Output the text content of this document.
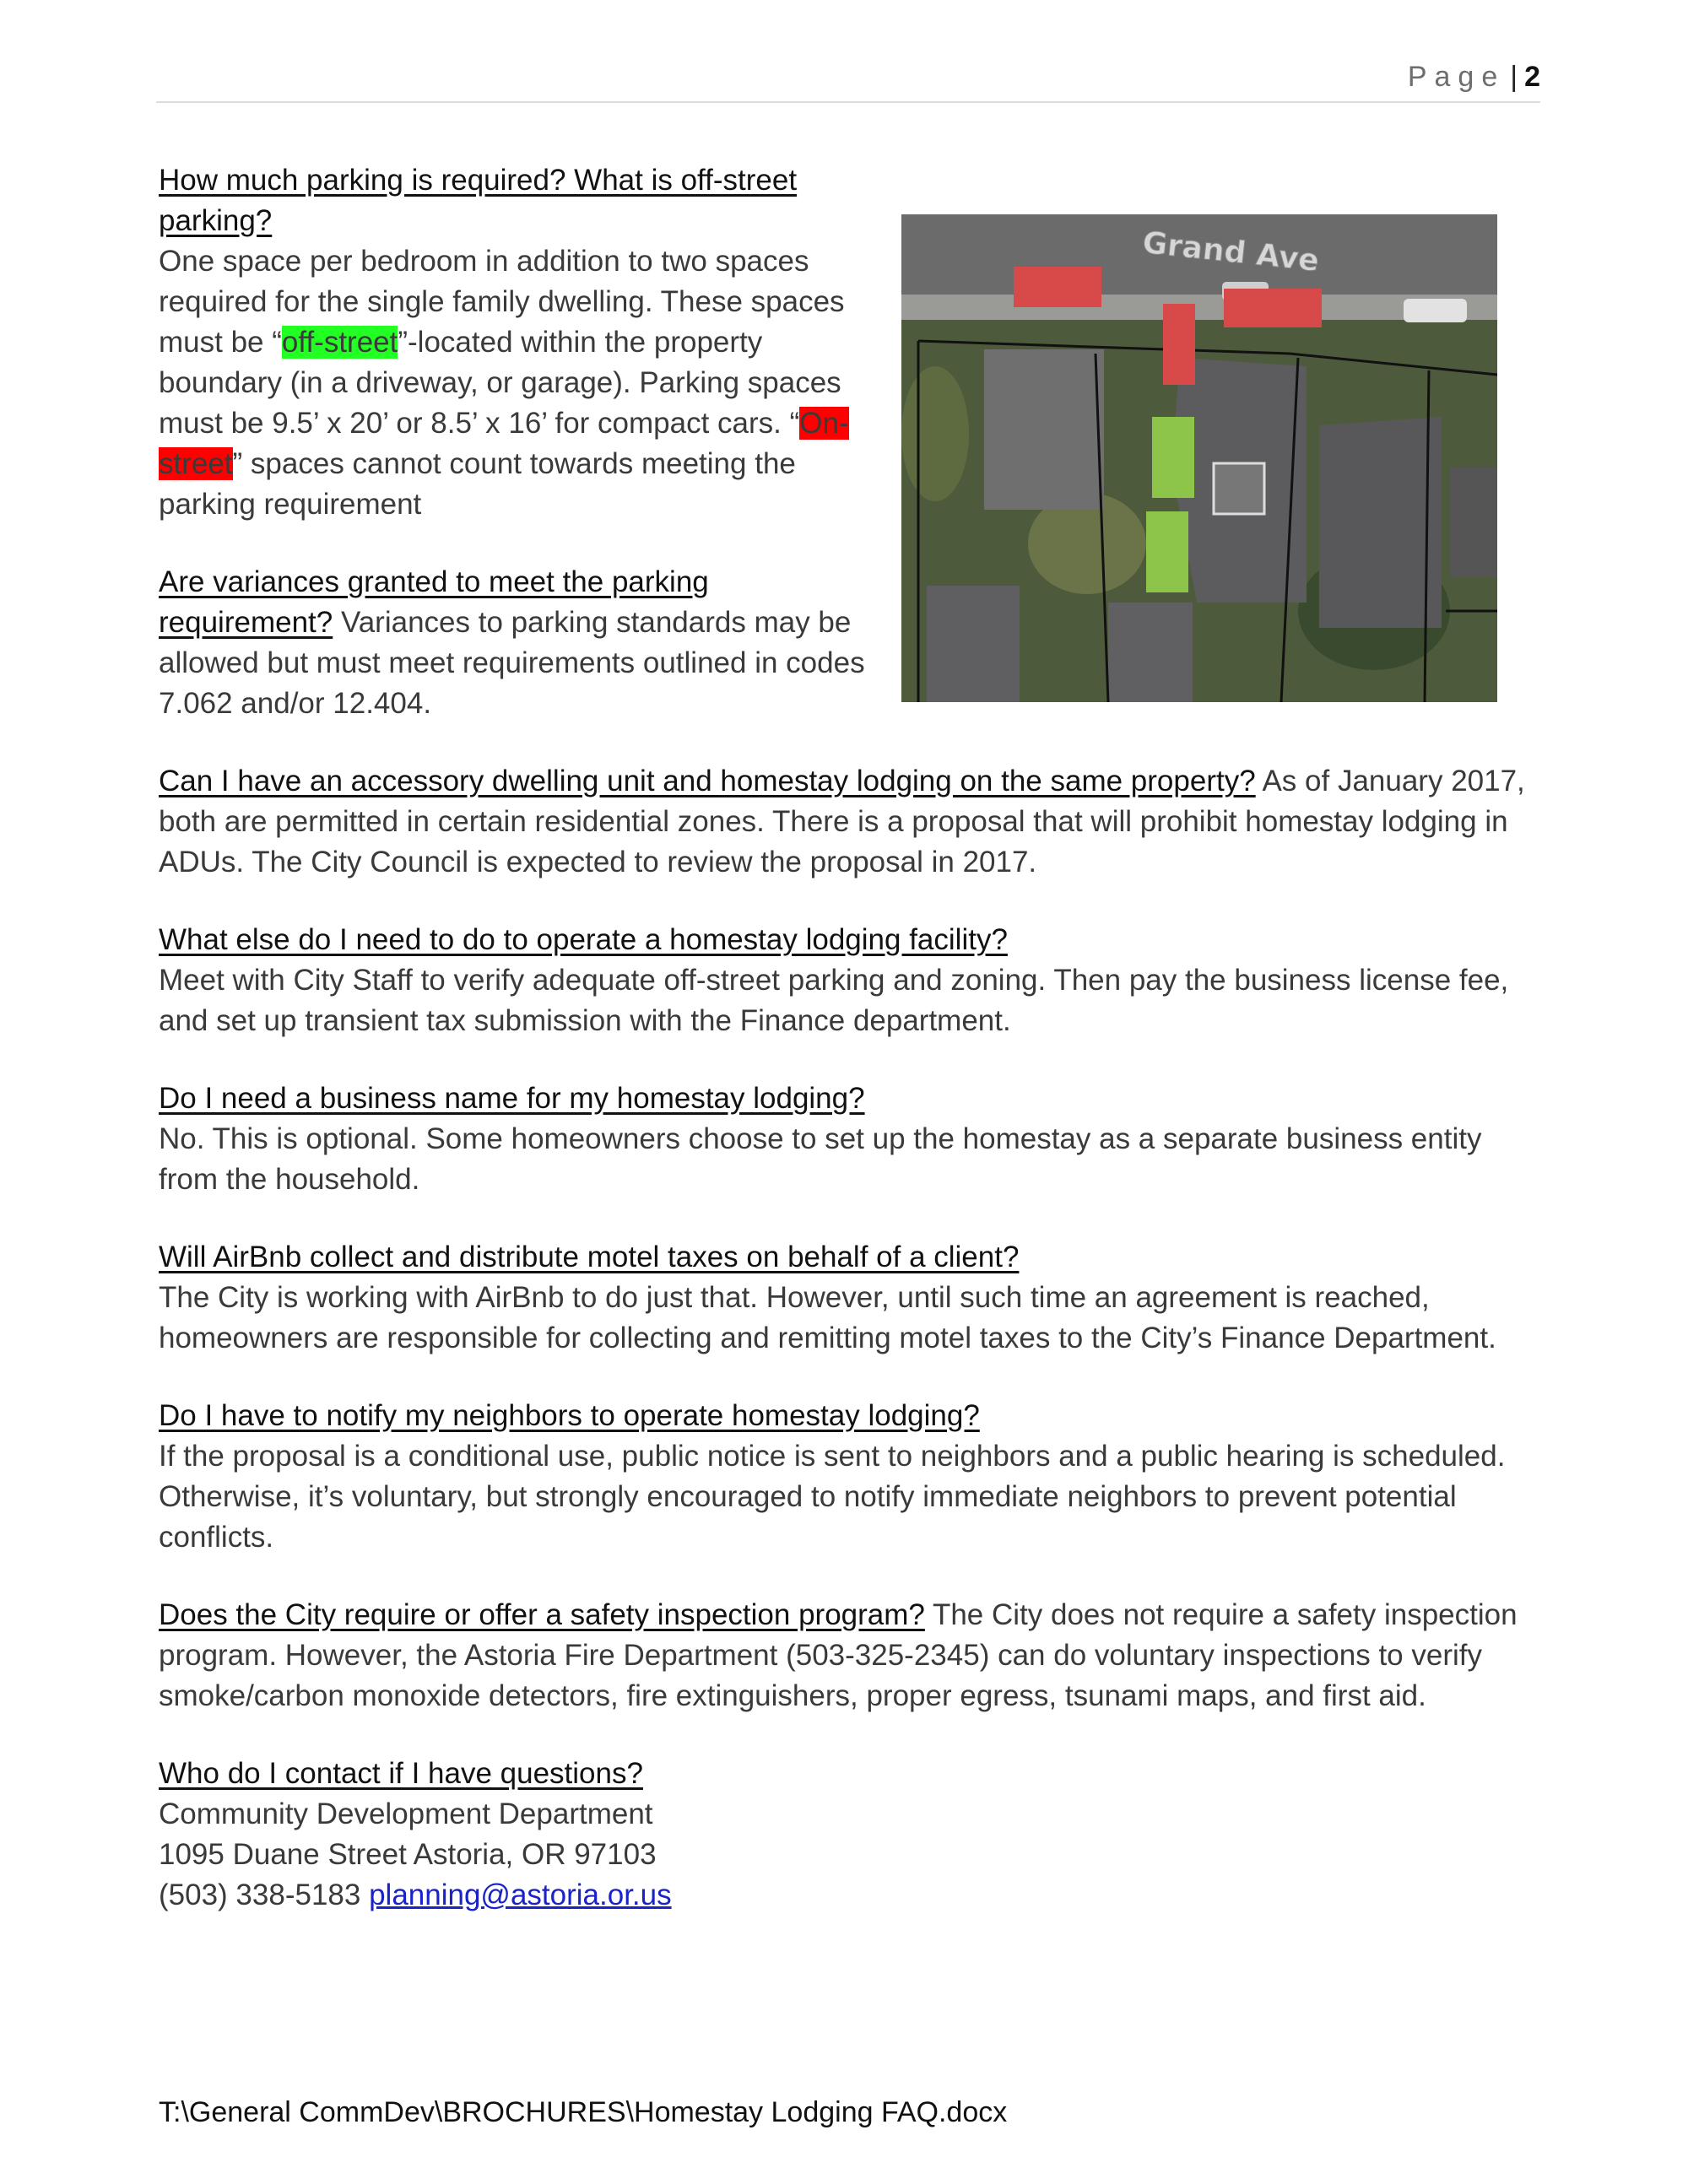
Page | 2
Grand Ave

How much parking is required? What is off-street parking?
One space per bedroom in addition to two spaces required for the single family dwelling. These spaces must be “off-street”-located within the property boundary (in a driveway, or garage). Parking spaces must be 9.5’ x 20’ or 8.5’ x 16’ for compact cars. “On-street” spaces cannot count towards meeting the parking requirement

Are variances granted to meet the parking requirement? Variances to parking standards may be allowed but must meet requirements outlined in codes 7.062 and/or 12.404.

Can I have an accessory dwelling unit and homestay lodging on the same property? As of January 2017, both are permitted in certain residential zones. There is a proposal that will prohibit homestay lodging in ADUs. The City Council is expected to review the proposal in 2017.

What else do I need to do to operate a homestay lodging facility?
Meet with City Staff to verify adequate off-street parking and zoning. Then pay the business license fee, and set up transient tax submission with the Finance department.

Do I need a business name for my homestay lodging?
No. This is optional. Some homeowners choose to set up the homestay as a separate business entity from the household.

Will AirBnb collect and distribute motel taxes on behalf of a client?
The City is working with AirBnb to do just that. However, until such time an agreement is reached, homeowners are responsible for collecting and remitting motel taxes to the City’s Finance Department.

Do I have to notify my neighbors to operate homestay lodging?
If the proposal is a conditional use, public notice is sent to neighbors and a public hearing is scheduled. Otherwise, it’s voluntary, but strongly encouraged to notify immediate neighbors to prevent potential conflicts.

Does the City require or offer a safety inspection program? The City does not require a safety inspection program. However, the Astoria Fire Department (503-325-2345) can do voluntary inspections to verify smoke/carbon monoxide detectors, fire extinguishers, proper egress, tsunami maps, and first aid.

Who do I contact if I have questions?
Community Development Department
1095 Duane Street Astoria, OR 97103
(503) 338-5183 planning@astoria.or.us

T:\General CommDev\BROCHURES\Homestay Lodging FAQ.docx
